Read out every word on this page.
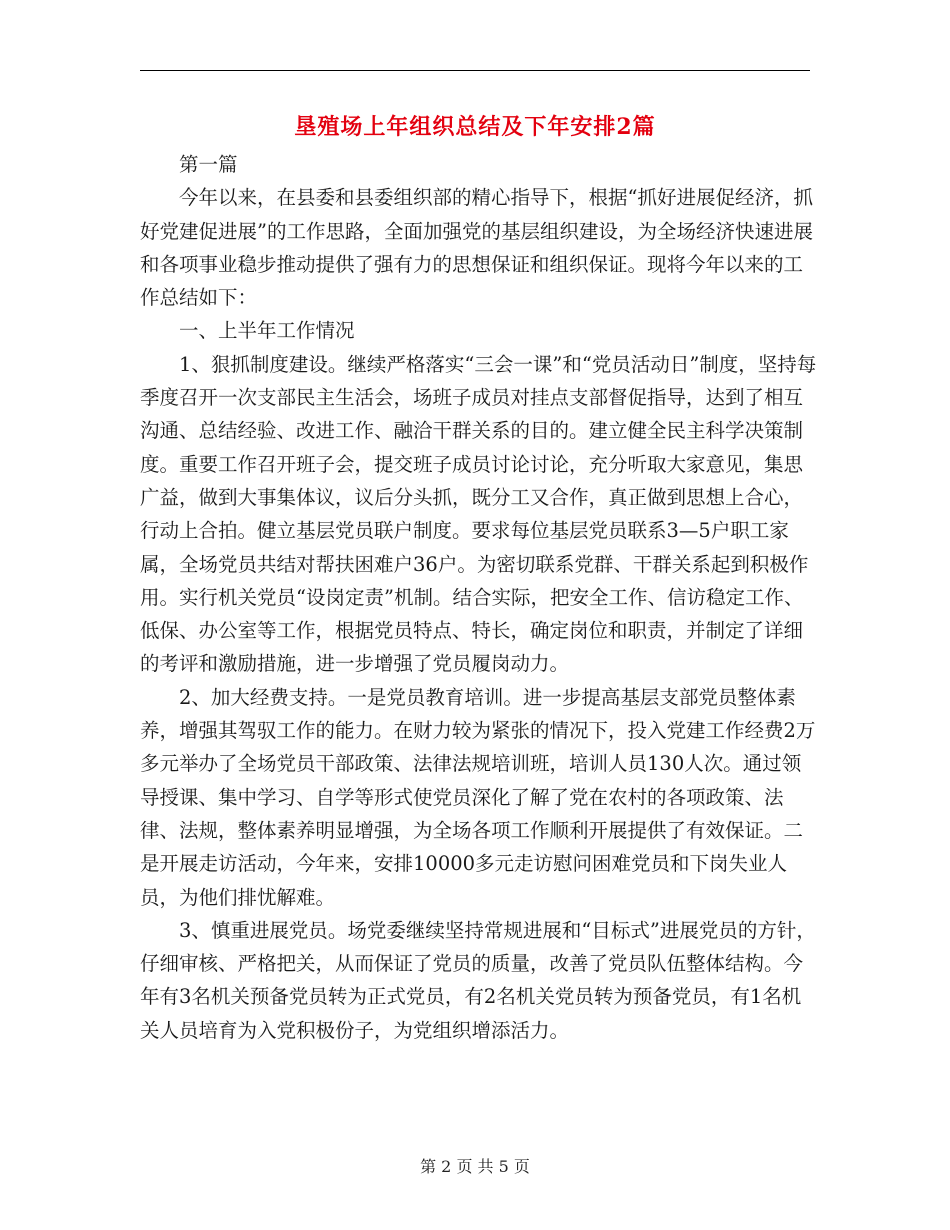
垦殖场上年组织总结及下年安排2篇

第一篇

今年以来，在县委和县委组织部的精心指导下，根据“抓好进展促经济，抓好党建促进展”的工作思路，全面加强党的基层组织建设，为全场经济快速进展和各项事业稳步推动提供了强有力的思想保证和组织保证。现将今年以来的工作总结如下：

一、上半年工作情况

1、狠抓制度建设。继续严格落实“三会一课”和“党员活动日”制度，坚持每季度召开一次支部民主生活会，场班子成员对挂点支部督促指导，达到了相互沟通、总结经验、改进工作、融洽干群关系的目的。建立健全民主科学决策制度。重要工作召开班子会，提交班子成员讨论讨论，充分听取大家意见，集思广益，做到大事集体议，议后分头抓，既分工又合作，真正做到思想上合心，行动上合拍。健立基层党员联户制度。要求每位基层党员联系3—5户职工家属，全场党员共结对帮扶困难户36户。为密切联系党群、干群关系起到积极作用。实行机关党员“设岗定责”机制。结合实际，把安全工作、信访稳定工作、低保、办公室等工作，根据党员特点、特长，确定岗位和职责，并制定了详细的考评和激励措施，进一步增强了党员履岗动力。

2、加大经费支持。一是党员教育培训。进一步提高基层支部党员整体素养，增强其驾驭工作的能力。在财力较为紧张的情况下，投入党建工作经费2万多元举办了全场党员干部政策、法律法规培训班，培训人员130人次。通过领导授课、集中学习、自学等形式使党员深化了解了党在农村的各项政策、法律、法规，整体素养明显增强，为全场各项工作顺利开展提供了有效保证。二是开展走访活动，今年来，安排10000多元走访慰问困难党员和下岗失业人员，为他们排忧解难。

3、慎重进展党员。场党委继续坚持常规进展和“目标式”进展党员的方针，仔细审核、严格把关，从而保证了党员的质量，改善了党员队伍整体结构。今年有3名机关预备党员转为正式党员，有2名机关党员转为预备党员，有1名机关人员培育为入党积极份子，为党组织增添活力。

第 2 页 共 5 页
